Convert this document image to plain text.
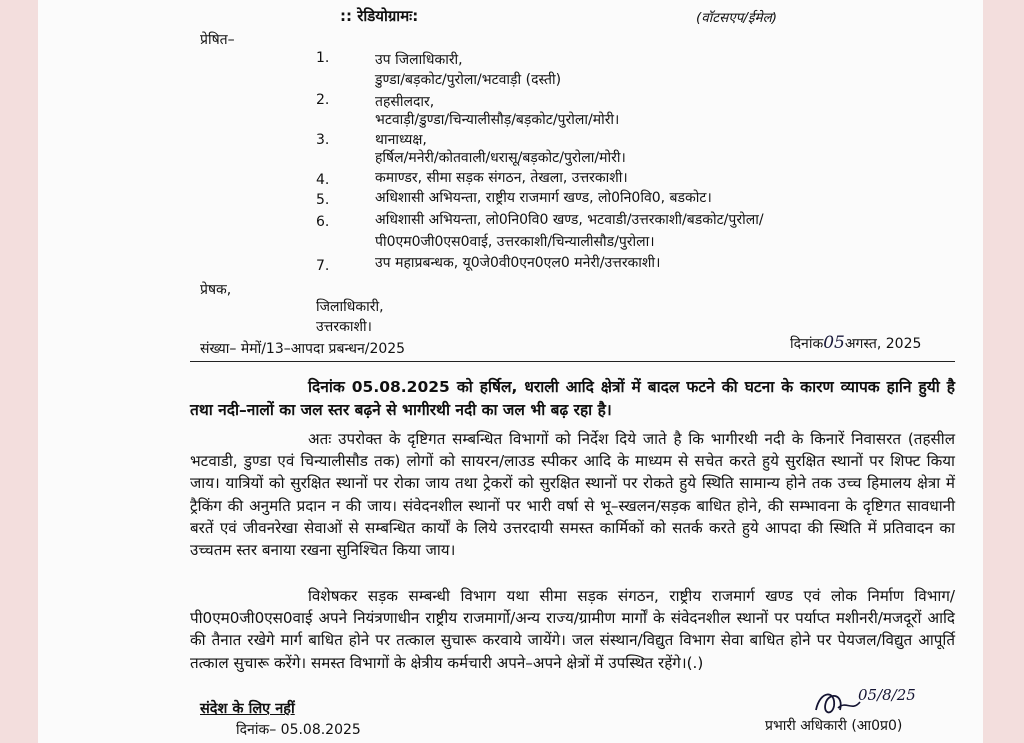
:: रेडियोग्रामः:	(वॉटसएप/ईमेल)
प्रेषित–
1.	उप जिलाधिकारी,
डुण्डा/बड़कोट/पुरोला/भटवाड़ी (दस्ती)
2.	तहसीलदार,
भटवाड़ी/डुण्डा/चिन्यालीसौड़/बड़कोट/पुरोला/मोरी।
3.	थानाध्यक्ष,
हर्षिल/मनेरी/कोतवाली/धरासू/बड़कोट/पुरोला/मोरी।
4.	कमाण्डर, सीमा सड़क संगठन, तेखला, उत्तरकाशी।
5.	अधिशासी अभियन्ता, राष्ट्रीय राजमार्ग खण्ड, लो0नि0वि0, बडकोट।
6.	अधिशासी अभियन्ता, लो0नि0वि0 खण्ड, भटवाडी/उत्तरकाशी/बडकोट/पुरोला/
पी0एम0जी0एस0वाई, उत्तरकाशी/चिन्यालीसौड/पुरोला।
7.	उप महाप्रबन्धक, यू0जे0वी0एन0एल0 मनेरी/उत्तरकाशी।
प्रेषक,
जिलाधिकारी,
उत्तरकाशी।
संख्या– मेमों/13–आपदा प्रबन्धन/2025	दिनांक05अगस्त, 2025

दिनांक 05.08.2025 को हर्षिल, धराली आदि क्षेत्रों में बादल फटने की घटना के कारण व्यापक हानि हुयी है तथा नदी–नालों का जल स्तर बढ़ने से भागीरथी नदी का जल भी बढ़ रहा है।

अतः उपरोक्त के दृष्टिगत सम्बन्धित विभागों को निर्देश दिये जाते है कि भागीरथी नदी के किनारें निवासरत (तहसील भटवाडी, डुण्डा एवं चिन्यालीसौड तक) लोगों को सायरन/लाउड स्पीकर आदि के माध्यम से सचेत करते हुये सुरक्षित स्थानों पर शिफ्ट किया जाय। यात्रियों को सुरक्षित स्थानों पर रोका जाय तथा ट्रेकरों को सुरक्षित स्थानों पर रोकते हुये स्थिति सामान्य होने तक उच्च हिमालय क्षेत्रा में ट्रैकिंग की अनुमति प्रदान न की जाय। संवेदनशील स्थानों पर भारी वर्षा से भू–स्खलन/सड़क बाधित होने, की सम्भावना के दृष्टिगत सावधानी बरतें एवं जीवनरेखा सेवाओं से सम्बन्धित कार्यों के लिये उत्तरदायी समस्त कार्मिकों को सतर्क करते हुये आपदा की स्थिति में प्रतिवादन का उच्चतम स्तर बनाया रखना सुनिश्चित किया जाय।

विशेषकर सड़क सम्बन्धी विभाग यथा सीमा सड़क संगठन, राष्ट्रीय राजमार्ग खण्ड एवं लोक निर्माण विभाग/पी0एम0जी0एस0वाई अपने नियंत्रणाधीन राष्ट्रीय राजमार्गो/अन्य राज्य/ग्रामीण मार्गों के संवेदनशील स्थानों पर पर्याप्त मशीनरी/मजदूरों आदि की तैनात रखेगे मार्ग बाधित होने पर तत्काल सुचारू करवाये जायेंगे। जल संस्थान/विद्युत विभाग सेवा बाधित होने पर पेयजल/विद्युत आपूर्ति तत्काल सुचारू करेंगे। समस्त विभागों के क्षेत्रीय कर्मचारी अपने–अपने क्षेत्रों में उपस्थित रहेंगे।(.)

संदेश के लिए नहीं
दिनांक– 05.08.2025
05/8/25
प्रभारी अधिकारी (आ0प्र0)
